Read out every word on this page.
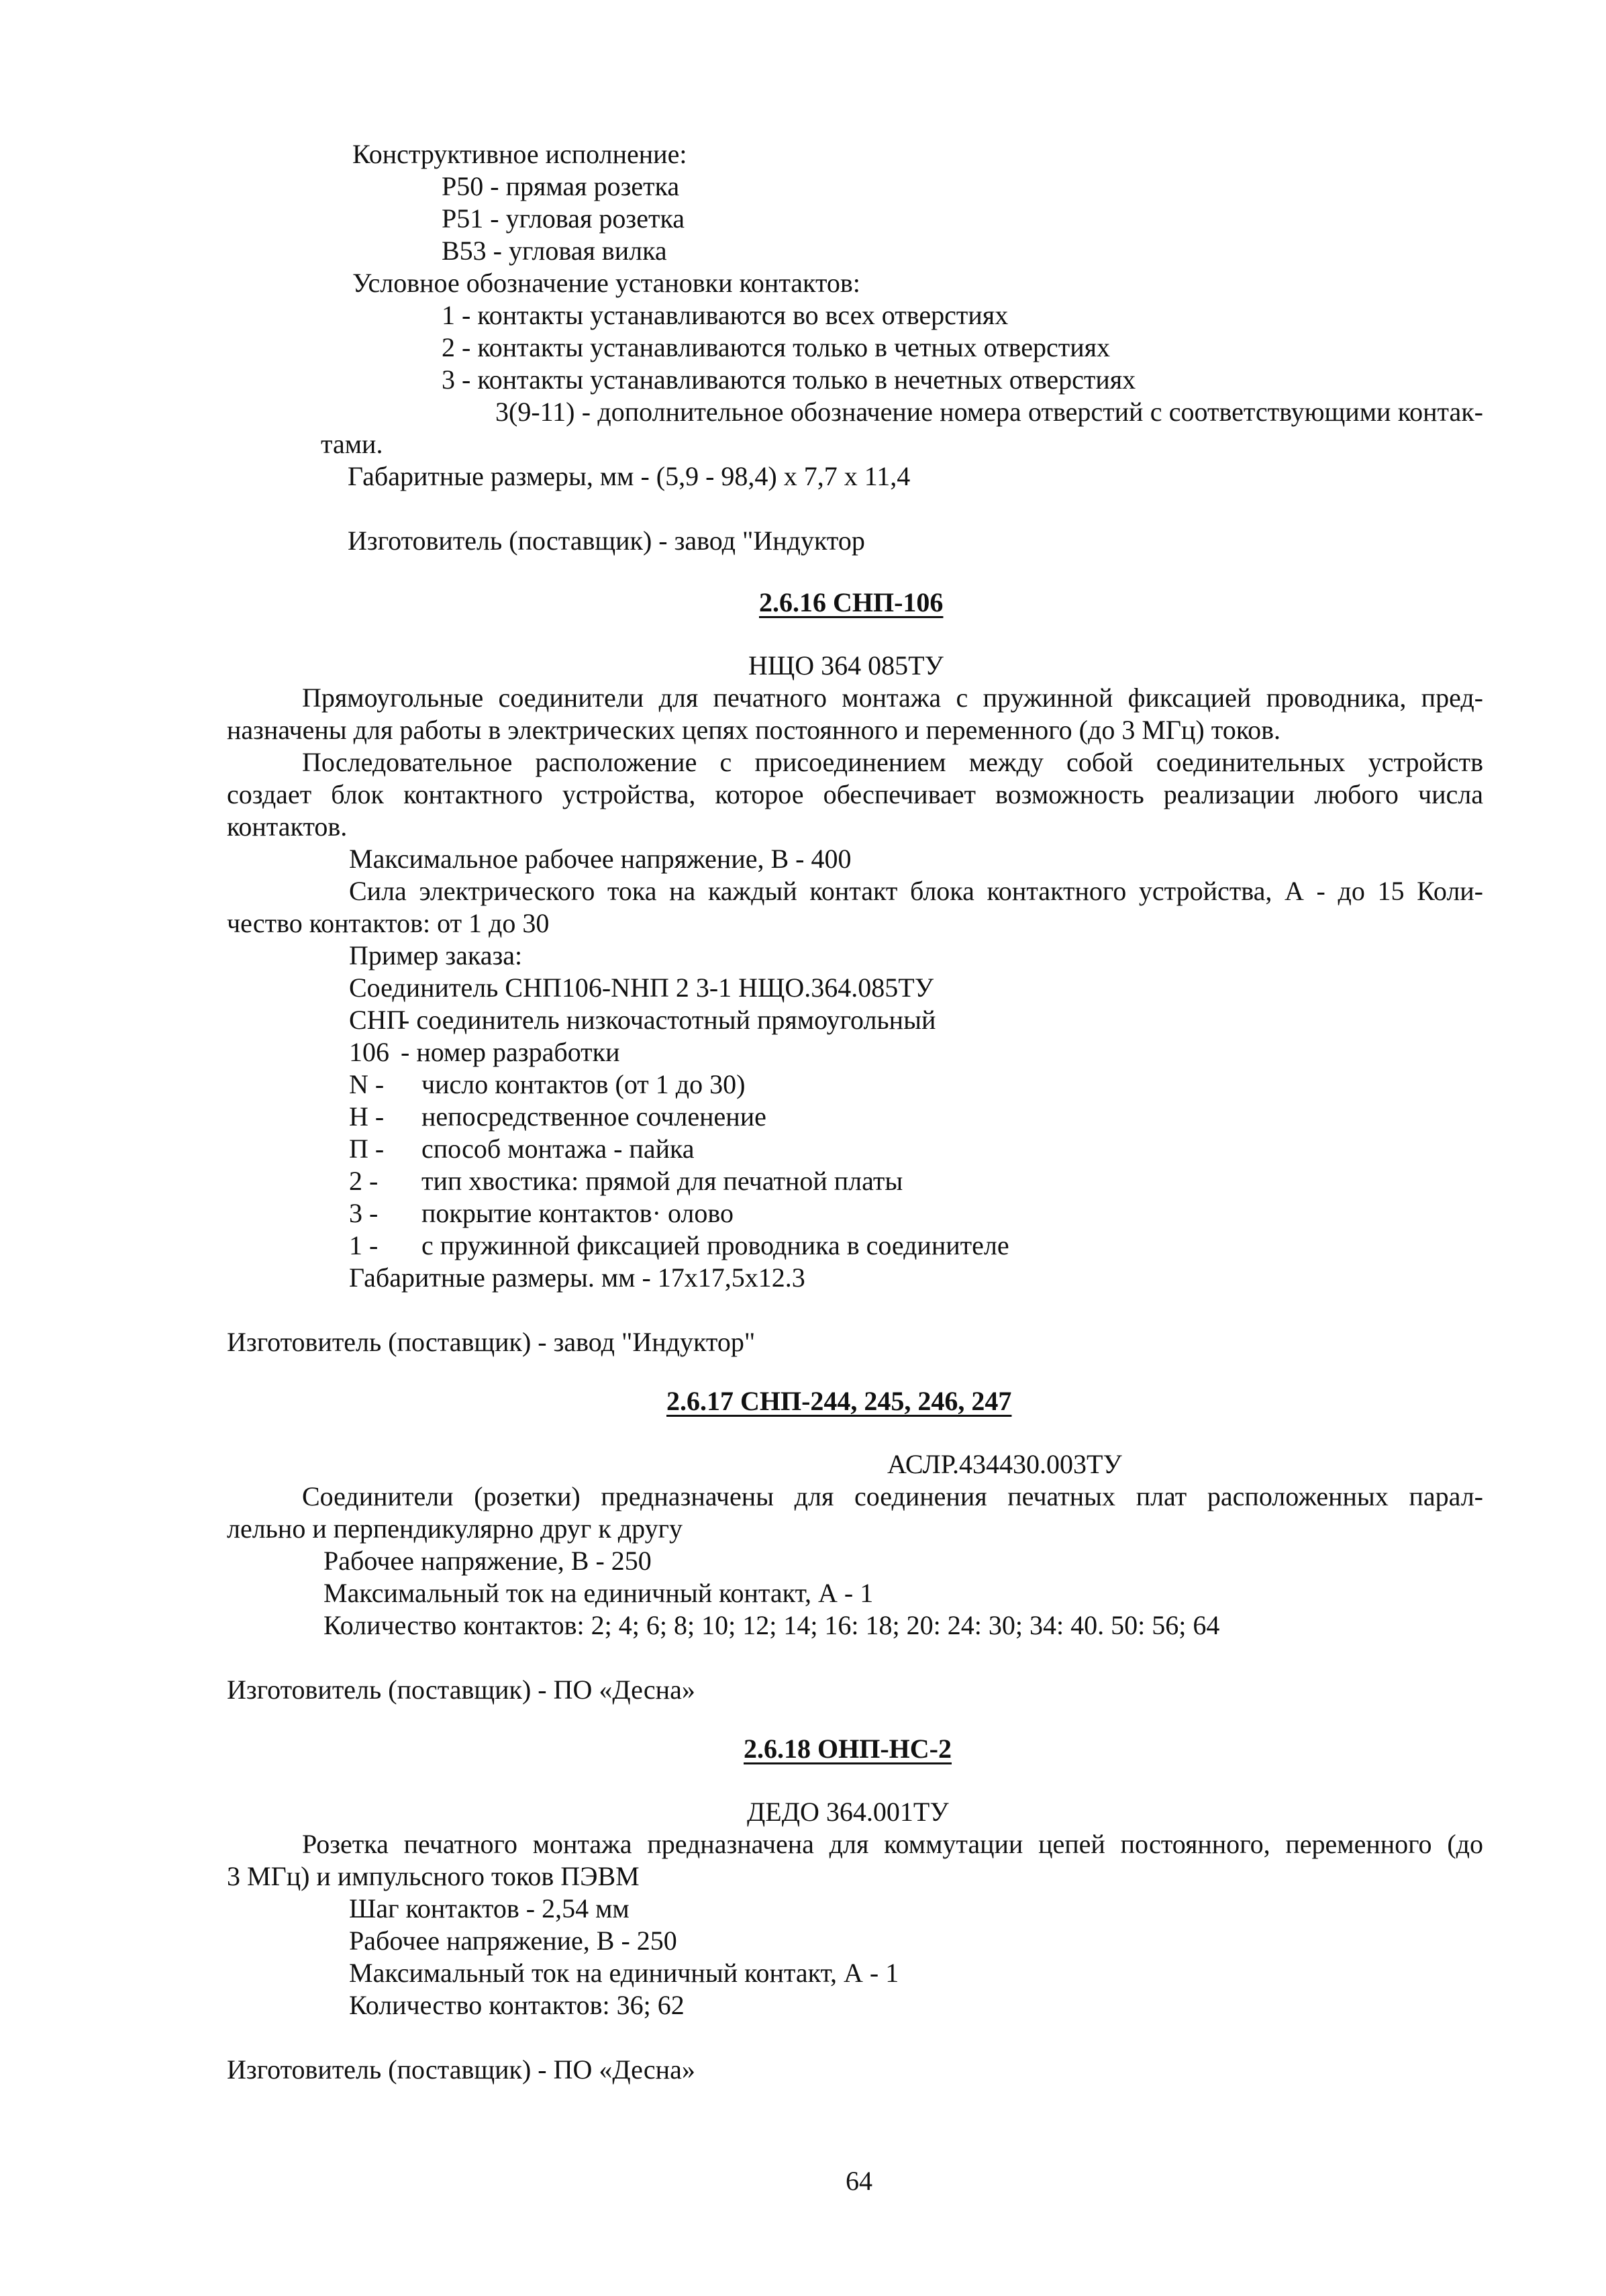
Конструктивное исполнение:
Р50 - прямая розетка
Р51 - угловая розетка
В53 - угловая вилка
Условное обозначение установки контактов:
1 - контакты устанавливаются во всех отверстиях
2 - контакты устанавливаются только в четных отверстиях
3 - контакты устанавливаются только в нечетных отверстиях
3(9-11) - дополнительное обозначение номера отверстий с соответствующими контак-
тами.
Габаритные размеры, мм - (5,9 - 98,4) х 7,7 х 11,4
Изготовитель (поставщик) - завод "Индуктор
2.6.16 СНП-106
НЩО 364 085ТУ
Прямоугольные соединители для печатного монтажа с пружинной фиксацией проводника, пред-
назначены для работы в электрических цепях постоянного и переменного (до 3 МГц) токов.
Последовательное расположение с присоединением между собой соединительных устройств
создает блок контактного устройства, которое обеспечивает возможность реализации любого числа
контактов.
Максимальное рабочее напряжение, В - 400
Сила электрического тока на каждый контакт блока контактного устройства, А - до 15 Коли-
чество контактов: от 1 до 30
Пример заказа:
Соединитель СНП106-NНП 2 3-1 НЩО.364.085ТУ
СНП
- соединитель низкочастотный прямоугольный
106 - номер разработки
N - число контактов (от 1 до 30)
Н - непосредственное сочленение
П - способ монтажа - пайка
2 - тип хвостика: прямой для печатной платы
3 - покрытие контактов· олово
1 - с пружинной фиксацией проводника в соединителе
Габаритные размеры. мм - 17х17,5х12.3
Изготовитель (поставщик) - завод "Индуктор"
2.6.17 СНП-244, 245, 246, 247
АСЛР.434430.003ТУ
Соединители (розетки) предназначены для соединения печатных плат расположенных парал-
лельно и перпендикулярно друг к другу
Рабочее напряжение, В - 250
Максимальный ток на единичный контакт, А - 1
Количество контактов: 2; 4; 6; 8; 10; 12; 14; 16: 18; 20: 24: 30; 34: 40. 50: 56; 64
Изготовитель (поставщик) - ПО «Десна»
2.6.18 ОНП-НС-2
ДЕДО 364.001ТУ
Розетка печатного монтажа предназначена для коммутации цепей постоянного, переменного (до
3 МГц) и импульсного токов ПЭВМ
Шаг контактов - 2,54 мм
Рабочее напряжение, В - 250
Максимальный ток на единичный контакт, А - 1
Количество контактов: 36; 62
Изготовитель (поставщик) - ПО «Десна»
64
